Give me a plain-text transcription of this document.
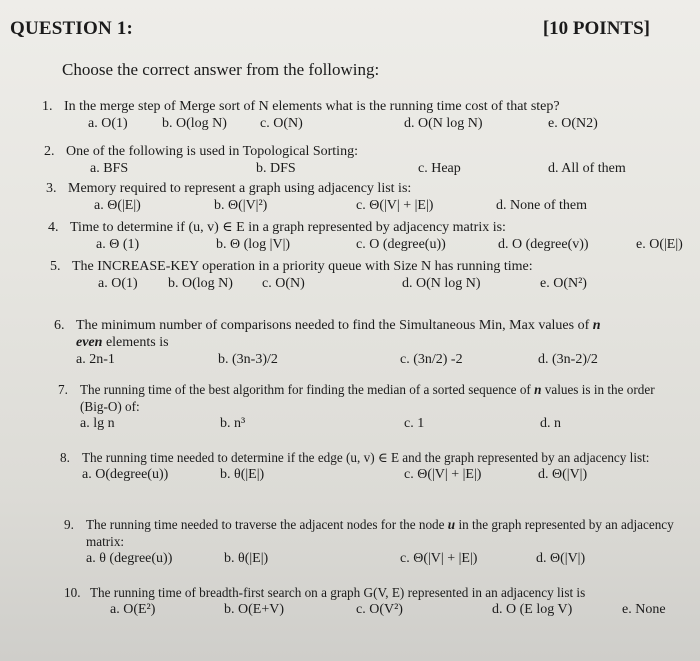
QUESTION 1:	[10 POINTS]
Choose the correct answer from the following:
1. In the merge step of Merge sort of N elements what is the running time cost of that step?
a. O(1) b. O(log N) c. O(N)	d. O(N log N)	e. O(N2)
2. One of the following is used in Topological Sorting:
a. BFS	b. DFS	c. Heap	d. All of them
3. Memory required to represent a graph using adjacency list is:
a. Θ(|E|)	b. Θ(|V|²)	c. Θ(|V| + |E|)	d. None of them
4. Time to determine if (u, v) ∈ E in a graph represented by adjacency matrix is:
a. Θ (1)	b. Θ (log |V|)	c. O (degree(u))	d. O (degree(v))	e. O(|E|)
5. The INCREASE-KEY operation in a priority queue with Size N has running time:
a. O(1) b. O(log N) c. O(N)	d. O(N log N)	e. O(N²)
6. The minimum number of comparisons needed to find the Simultaneous Min, Max values of n
even elements is
a. 2n-1	b. (3n-3)/2	c. (3n/2) -2	d. (3n-2)/2
7. The running time of the best algorithm for finding the median of a sorted sequence of n values is in the order (Big-O) of:
a. lg n	b. n³	c. 1	d. n
8. The running time needed to determine if the edge (u, v) ∈ E and the graph represented by an adjacency list:
a. O(degree(u))	b. θ(|E|)	c. Θ(|V| + |E|)	d. Θ(|V|)
9. The running time needed to traverse the adjacent nodes for the node u in the graph represented by an adjacency matrix:
a. θ (degree(u))	b. θ(|E|)	c. Θ(|V| + |E|)	d. Θ(|V|)
10. The running time of breadth-first search on a graph G(V, E) represented in an adjacency list is
a. O(E²)	b. O(E+V)	c. O(V²)	d. O (E log V)	e. None
